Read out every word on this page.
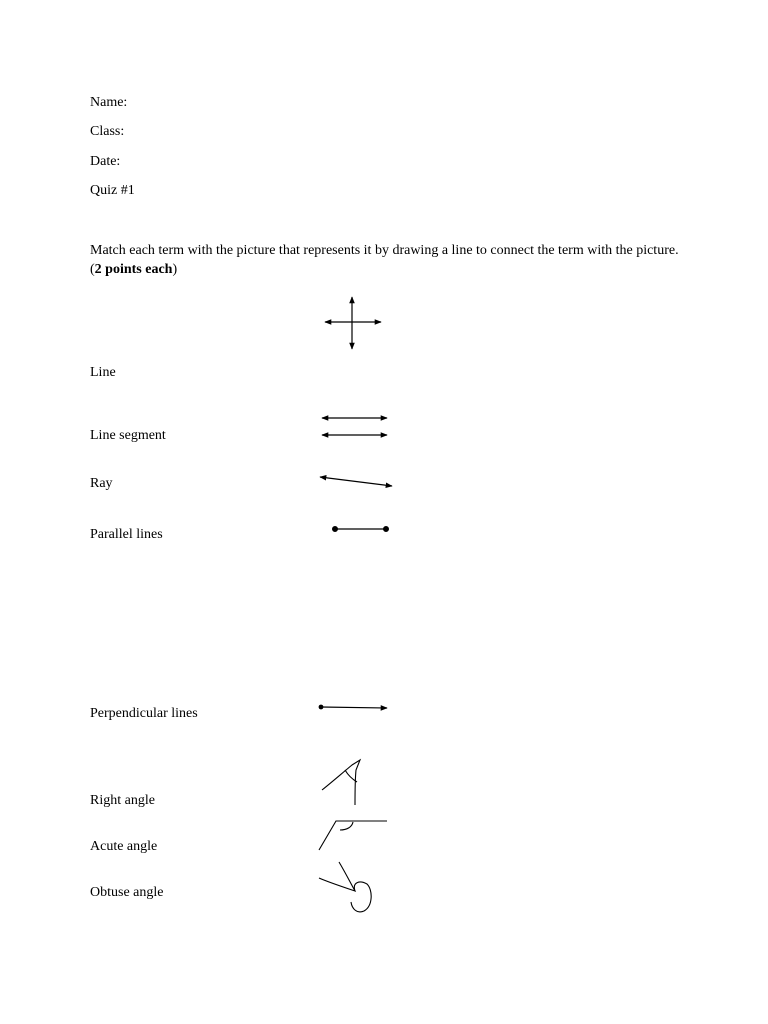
Name:
Class:
Date:
Quiz #1
Match each term with the picture that represents it by drawing a line to connect the term with the picture. (2 points each)
Line
Line segment
Ray
Parallel lines
Perpendicular lines
Right angle
Acute angle
Obtuse angle
